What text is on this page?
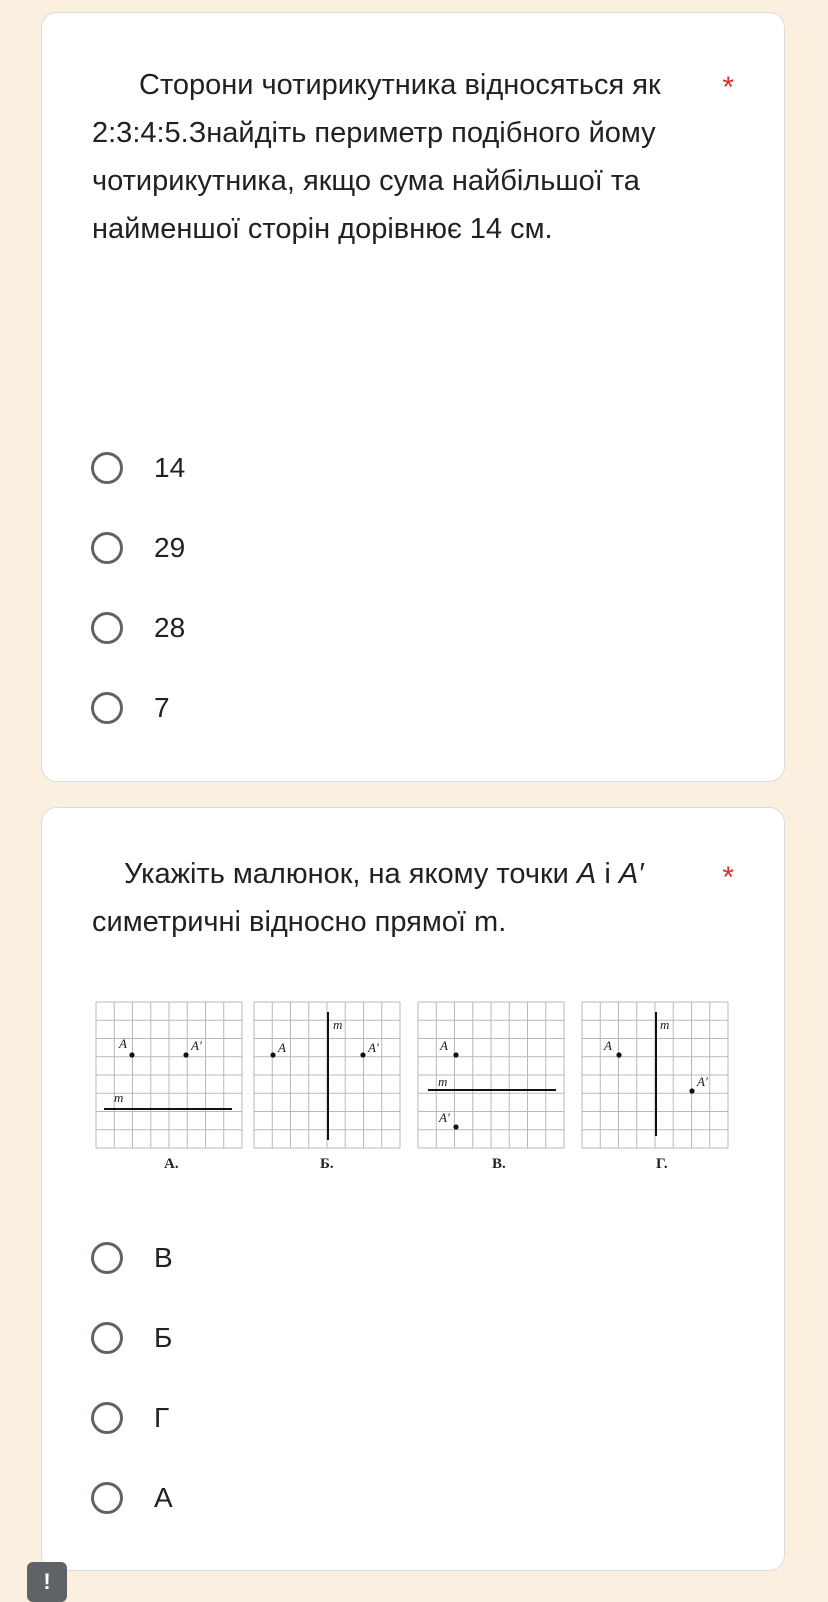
Сторони чотирикутника відносяться як 2:3:4:5.Знайдіть периметр подібного йому чотирикутника, якщо сума найбільшої та найменшої сторін дорівнює 14 см.

*
14
29
28
7

Укажіть малюнок, на якому точки A і A′ симетричні відносно прямої m.

*
m
A	A′
А.
m
A	A′
Б.
m
A
A′
В.
m
A
A′
Г.
В
Б
Г
А
!
